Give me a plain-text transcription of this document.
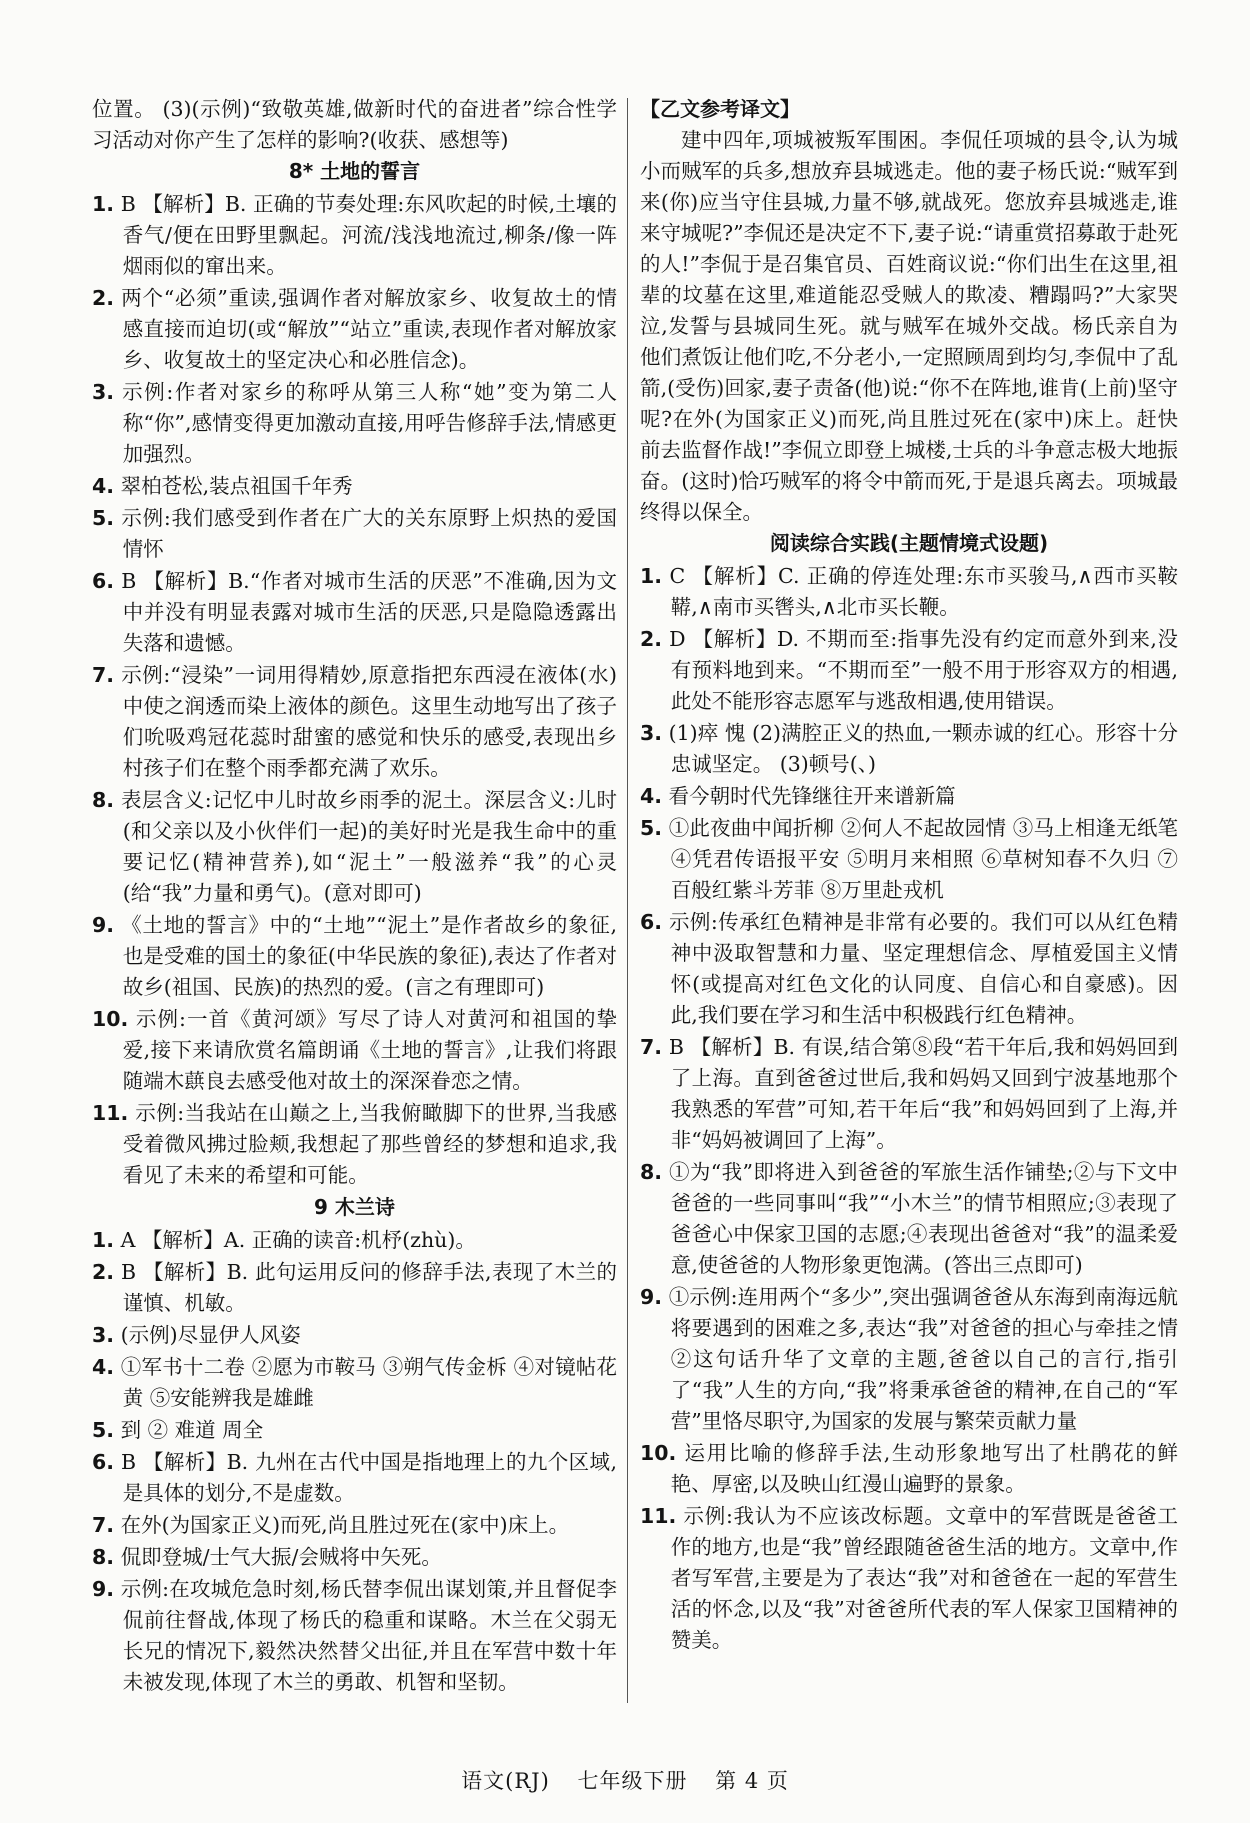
位置。 (3)(示例)“致敬英雄,做新时代的奋进者”综合性学习活动对你产生了怎样的影响?(收获、感想等)

8* 土地的誓言

1. B 【解析】B. 正确的节奏处理:东风吹起的时候,土壤的香气/便在田野里飘起。河流/浅浅地流过,柳条/像一阵烟雨似的窜出来。

2. 两个“必须”重读,强调作者对解放家乡、收复故土的情感直接而迫切(或“解放”“站立”重读,表现作者对解放家乡、收复故土的坚定决心和必胜信念)。

3. 示例:作者对家乡的称呼从第三人称“她”变为第二人称“你”,感情变得更加激动直接,用呼告修辞手法,情感更加强烈。

4. 翠柏苍松,装点祖国千年秀

5. 示例:我们感受到作者在广大的关东原野上炽热的爱国情怀

6. B 【解析】B.“作者对城市生活的厌恶”不准确,因为文中并没有明显表露对城市生活的厌恶,只是隐隐透露出失落和遗憾。

7. 示例:“浸染”一词用得精妙,原意指把东西浸在液体(水)中使之润透而染上液体的颜色。这里生动地写出了孩子们吮吸鸡冠花蕊时甜蜜的感觉和快乐的感受,表现出乡村孩子们在整个雨季都充满了欢乐。

8. 表层含义:记忆中儿时故乡雨季的泥土。深层含义:儿时(和父亲以及小伙伴们一起)的美好时光是我生命中的重要记忆(精神营养),如“泥土”一般滋养“我”的心灵(给“我”力量和勇气)。(意对即可)

9. 《土地的誓言》中的“土地”“泥土”是作者故乡的象征,也是受难的国土的象征(中华民族的象征),表达了作者对故乡(祖国、民族)的热烈的爱。(言之有理即可)

10. 示例:一首《黄河颂》写尽了诗人对黄河和祖国的挚爱,接下来请欣赏名篇朗诵《土地的誓言》,让我们将跟随端木蕻良去感受他对故土的深深眷恋之情。

11. 示例:当我站在山巅之上,当我俯瞰脚下的世界,当我感受着微风拂过脸颊,我想起了那些曾经的梦想和追求,我看见了未来的希望和可能。

9 木兰诗

1. A 【解析】A. 正确的读音:机杼(zhù)。

2. B 【解析】B. 此句运用反问的修辞手法,表现了木兰的谨慎、机敏。

3. (示例)尽显伊人风姿

4. ①军书十二卷 ②愿为市鞍马 ③朔气传金柝 ④对镜帖花黄 ⑤安能辨我是雄雌

5. 到 ② 难道 周全

6. B 【解析】B. 九州在古代中国是指地理上的九个区域,是具体的划分,不是虚数。

7. 在外(为国家正义)而死,尚且胜过死在(家中)床上。

8. 侃即登城/士气大振/会贼将中矢死。

9. 示例:在攻城危急时刻,杨氏替李侃出谋划策,并且督促李侃前往督战,体现了杨氏的稳重和谋略。木兰在父弱无长兄的情况下,毅然决然替父出征,并且在军营中数十年未被发现,体现了木兰的勇敢、机智和坚韧。

【乙文参考译文】

建中四年,项城被叛军围困。李侃任项城的县令,认为城小而贼军的兵多,想放弃县城逃走。他的妻子杨氏说:“贼军到来(你)应当守住县城,力量不够,就战死。您放弃县城逃走,谁来守城呢?”李侃还是决定不下,妻子说:“请重赏招募敢于赴死的人!”李侃于是召集官员、百姓商议说:“你们出生在这里,祖辈的坟墓在这里,难道能忍受贼人的欺凌、糟蹋吗?”大家哭泣,发誓与县城同生死。就与贼军在城外交战。杨氏亲自为他们煮饭让他们吃,不分老小,一定照顾周到均匀,李侃中了乱箭,(受伤)回家,妻子责备(他)说:“你不在阵地,谁肯(上前)坚守呢?在外(为国家正义)而死,尚且胜过死在(家中)床上。赶快前去监督作战!”李侃立即登上城楼,士兵的斗争意志极大地振奋。(这时)恰巧贼军的将令中箭而死,于是退兵离去。项城最终得以保全。

阅读综合实践(主题情境式设题)

1. C 【解析】C. 正确的停连处理:东市买骏马,∧西市买鞍鞯,∧南市买辔头,∧北市买长鞭。

2. D 【解析】D. 不期而至:指事先没有约定而意外到来,没有预料地到来。“不期而至”一般不用于形容双方的相遇,此处不能形容志愿军与逃敌相遇,使用错误。

3. (1)瘁 愧 (2)满腔正义的热血,一颗赤诚的红心。形容十分忠诚坚定。 (3)顿号(、)

4. 看今朝时代先锋继往开来谱新篇

5. ①此夜曲中闻折柳 ②何人不起故园情 ③马上相逢无纸笔 ④凭君传语报平安 ⑤明月来相照 ⑥草树知春不久归 ⑦百般红紫斗芳菲 ⑧万里赴戎机

6. 示例:传承红色精神是非常有必要的。我们可以从红色精神中汲取智慧和力量、坚定理想信念、厚植爱国主义情怀(或提高对红色文化的认同度、自信心和自豪感)。因此,我们要在学习和生活中积极践行红色精神。

7. B 【解析】B. 有误,结合第⑧段“若干年后,我和妈妈回到了上海。直到爸爸过世后,我和妈妈又回到宁波基地那个我熟悉的军营”可知,若干年后“我”和妈妈回到了上海,并非“妈妈被调回了上海”。

8. ①为“我”即将进入到爸爸的军旅生活作铺垫;②与下文中爸爸的一些同事叫“我”“小木兰”的情节相照应;③表现了爸爸心中保家卫国的志愿;④表现出爸爸对“我”的温柔爱意,使爸爸的人物形象更饱满。(答出三点即可)

9. ①示例:连用两个“多少”,突出强调爸爸从东海到南海远航将要遇到的困难之多,表达“我”对爸爸的担心与牵挂之情 ②这句话升华了文章的主题,爸爸以自己的言行,指引了“我”人生的方向,“我”将秉承爸爸的精神,在自己的“军营”里恪尽职守,为国家的发展与繁荣贡献力量

10. 运用比喻的修辞手法,生动形象地写出了杜鹃花的鲜艳、厚密,以及映山红漫山遍野的景象。

11. 示例:我认为不应该改标题。文章中的军营既是爸爸工作的地方,也是“我”曾经跟随爸爸生活的地方。文章中,作者写军营,主要是为了表达“我”对和爸爸在一起的军营生活的怀念,以及“我”对爸爸所代表的军人保家卫国精神的赞美。

语文(RJ) 七年级下册 第 4 页
